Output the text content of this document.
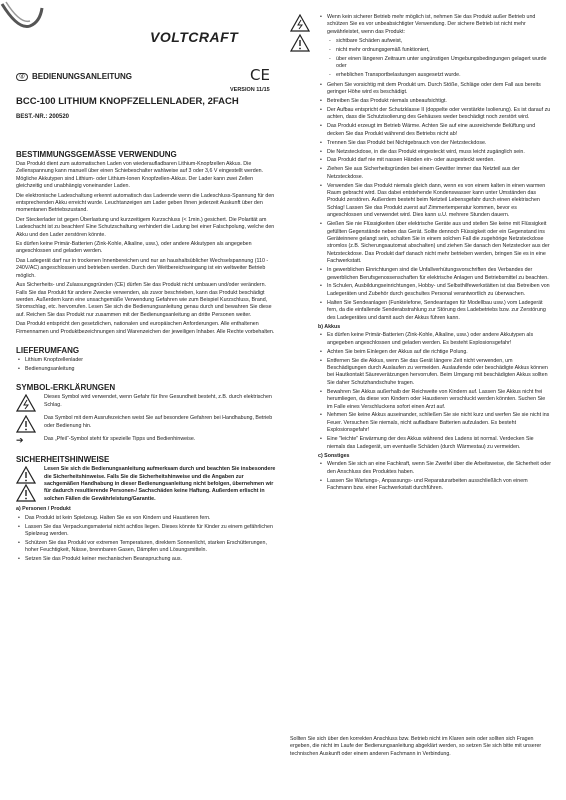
VOLTCRAFT
ⓓ BEDIENUNGSANLEITUNG	CE
VERSION 11/15
BCC-100 LITHIUM KNOPFZELLENLADER, 2FACH
BEST.-NR.: 200520
BESTIMMUNGSGEMÄSSE VERWENDUNG

Das Produkt dient zum automatischen Laden von wiederaufladbaren Lithium-Knopfzellen Akkus. Die Zellenspannung kann manuell über einen Schiebeschalter wahlweise auf 3 oder 3,6 V eingestellt werden. Mögliche Akkutypen sind Lithium- oder Lithium-Ionen Knopfzellen-Akkus. Der Lader kann zwei Zellen gleichzeitig und unabhängig voneinander Laden.

Die elektronische Ladeschaltung erkennt automatisch das Ladeende wenn die Ladeschluss-Spannung für den entsprechenden Akku erreicht wurde. Leuchtanzeigen am Lader geben Ihnen jederzeit Auskunft über den momentanen Betriebszustand.

Der Steckerlader ist gegen Überlastung und kurzzeitigem Kurzschluss (< 1min.) gesichert. Die Polarität am Ladeschacht ist zu beachten! Eine Schutzschaltung verhindert die Ladung bei einer Falschpolung, welche den Akku und den Lader zerstören könnte.

Es dürfen keine Primär-Batterien (Zink-Kohle, Alkaline, usw.), oder andere Akkutypen als angegeben angeschlossen und geladen werden.

Das Ladegerät darf nur in trockenen Innenbereichen und nur an haushaltsüblicher Wechselspannung (110 - 240V/AC) angeschlossen und betrieben werden. Durch den Weitbereichseingang ist ein weltweiter Betrieb möglich.

Aus Sicherheits- und Zulassungsgründen (CE) dürfen Sie das Produkt nicht umbauen und/oder verändern. Falls Sie das Produkt für andere Zwecke verwenden, als zuvor beschrieben, kann das Produkt beschädigt werden. Außerdem kann eine unsachgemäße Verwendung Gefahren wie zum Beispiel Kurzschluss, Brand, Stromschlag, etc. hervorrufen. Lesen Sie sich die Bedienungsanleitung genau durch und bewahren Sie diese auf. Reichen Sie das Produkt nur zusammen mit der Bedienungsanleitung an dritte Personen weiter.

Das Produkt entspricht den gesetzlichen, nationalen und europäischen Anforderungen. Alle enthaltenen Firmennamen und Produktbezeichnungen sind Warenzeichen der jeweiligen Inhaber. Alle Rechte vorbehalten.

LIEFERUMFANG
• Lithium Knopfzellenlader
• Bedienungsanleitung
SYMBOL-ERKLÄRUNGEN
Dieses Symbol wird verwendet, wenn Gefahr für Ihre Gesundheit besteht, z.B. durch elektrischen Schlag.
Das Symbol mit dem Ausrufezeichen weist Sie auf besondere Gefahren bei Handhabung, Betrieb oder Bedienung hin.
➔	Das „Pfeil“-Symbol steht für spezielle Tipps und Bedienhinweise.
SICHERHEITSHINWEISE
Lesen Sie sich die Bedienungsanleitung aufmerksam durch und beachten Sie insbesondere die Sicherheitshinweise. Falls Sie die Sicherheitshinweise und die Angaben zur sachgemäßen Handhabung in dieser Bedienungsanleitung nicht befolgen, übernehmen wir für dadurch resultierende Personen-/ Sachschäden keine Haftung. Außerdem erlischt in solchen Fällen die Gewährleistung/Garantie.
a) Personen / Produkt
• Das Produkt ist kein Spielzeug. Halten Sie es von Kindern und Haustieren fern.
• Lassen Sie das Verpackungsmaterial nicht achtlos liegen. Dieses könnte für Kinder zu einem gefährlichen Spielzeug werden.
• Schützen Sie das Produkt vor extremen Temperaturen, direktem Sonnenlicht, starken Erschütterungen, hoher Feuchtigkeit, Nässe, brennbaren Gasen, Dämpfen und Lösungsmitteln.
• Setzen Sie das Produkt keiner mechanischen Beanspruchung aus.
• Wenn kein sicherer Betrieb mehr möglich ist, nehmen Sie das Produkt außer Betrieb und schützen Sie es vor unbeabsichtigter Verwendung. Der sichere Betrieb ist nicht mehr gewährleistet, wenn das Produkt:
- sichtbare Schäden aufweist,
- nicht mehr ordnungsgemäß funktioniert,
- über einen längeren Zeitraum unter ungünstigen Umgebungsbedingungen gelagert wurde oder
- erheblichen Transportbelastungen ausgesetzt wurde.
• Gehen Sie vorsichtig mit dem Produkt um. Durch Stöße, Schläge oder dem Fall aus bereits geringer Höhe wird es beschädigt.
• Betreiben Sie das Produkt niemals unbeaufsichtigt.
• Der Aufbau entspricht der Schutzklasse II (doppelte oder verstärkte Isolierung). Es ist darauf zu achten, dass die Schutzisolierung des Gehäuses weder beschädigt noch zerstört wird.
• Das Produkt erzeugt im Betrieb Wärme. Achten Sie auf eine ausreichende Belüftung und decken Sie das Produkt während des Betriebs nicht ab!
• Trennen Sie das Produkt bei Nichtgebrauch von der Netzsteckdose.
• Die Netzsteckdose, in die das Produkt eingesteckt wird, muss leicht zugänglich sein.
• Das Produkt darf nie mit nassen Händen ein- oder ausgesteckt werden.
• Ziehen Sie aus Sicherheitsgründen bei einem Gewitter immer das Netzteil aus der Netzsteckdose.
• Verwenden Sie das Produkt niemals gleich dann, wenn es von einem kalten in einen warmen Raum gebracht wird. Das dabei entstehende Kondenswasser kann unter Umständen das Produkt zerstören. Außerdem besteht beim Netzteil Lebensgefahr durch einen elektrischen Schlag! Lassen Sie das Produkt zuerst auf Zimmertemperatur kommen, bevor es angeschlossen und verwendet wird. Dies kann u.U. mehrere Stunden dauern.
• Gießen Sie nie Flüssigkeiten über elektrische Geräte aus und stellen Sie keine mit Flüssigkeit gefüllten Gegenstände neben das Gerät. Sollte dennoch Flüssigkeit oder ein Gegenstand ins Geräteinnere gelangt sein, schalten Sie in einem solchen Fall die zugehörige Netzsteckdose stromlos (z.B. Sicherungsautomat abschalten) und ziehen Sie danach den Netzstecker aus der Netzsteckdose. Das Produkt darf danach nicht mehr betrieben werden, bringen Sie es in eine Fachwerkstatt.
• In gewerblichen Einrichtungen sind die Unfallverhütungsvorschriften des Verbandes der gewerblichen Berufsgenossenschaften für elektrische Anlagen und Betriebsmittel zu beachten.
• In Schulen, Ausbildungseinrichtungen, Hobby- und Selbsthilfewerkstätten ist das Betreiben von Ladegeräten und Zubehör durch geschultes Personal verantwortlich zu überwachen.
• Halten Sie Sendeanlagen (Funktelefone, Sendeantagen für Modellbau usw.) vom Ladegerät fern, da die einfallende Senderabstrahlung zur Störung des Ladebetriebs bzw. zur Zerstörung des Ladegerätes und damit auch der Akkus führen kann.
b) Akkus
• Es dürfen keine Primär-Batterien (Zink-Kohle, Alkaline, usw.) oder andere Akkutypen als angegeben angeschlossen und geladen werden. Es besteht Explosionsgefahr!
• Achten Sie beim Einlegen der Akkus auf die richtige Polung.
• Entfernen Sie die Akkus, wenn Sie das Gerät längere Zeit nicht verwenden, um Beschädigungen durch Auslaufen zu vermeiden. Auslaufende oder beschädigte Akkus können bei Hautkontakt Säureverätzungen hervorrufen. Beim Umgang mit beschädigten Akkus sollten Sie daher Schutzhandschuhe tragen.
• Bewahren Sie Akkus außerhalb der Reichweite von Kindern auf. Lassen Sie Akkus nicht frei herumliegen, da diese von Kindern oder Haustieren verschluckt werden könnten. Suchen Sie im Falle eines Verschluckens sofort einen Arzt auf.
• Nehmen Sie keine Akkus auseinander, schließen Sie sie nicht kurz und werfen Sie sie nicht ins Feuer. Versuchen Sie niemals, nicht aufladbare Batterien aufzuladen. Es besteht Explosionsgefahr!
• Eine "leichte" Erwärmung der des Akkus während des Ladens ist normal. Verdecken Sie niemals das Ladegerät, um eventuelle Schäden (durch Wärmestau) zu vermeiden.
c) Sonstiges
• Wenden Sie sich an eine Fachkraft, wenn Sie Zweifel über die Arbeitsweise, die Sicherheit oder den Anschluss des Produktes haben.
• Lassen Sie Wartungs-, Anpassungs- und Reparaturarbeiten ausschließlich von einem Fachmann bzw. einer Fachwerkstatt durchführen.
Sollten Sie sich über den korrekten Anschluss bzw. Betrieb nicht im Klaren sein oder sollten sich Fragen ergeben, die nicht im Laufe der Bedienungsanleitung abgeklärt werden, so setzen Sie sich bitte mit unserer technischen Auskunft oder einem anderen Fachmann in Verbindung.
